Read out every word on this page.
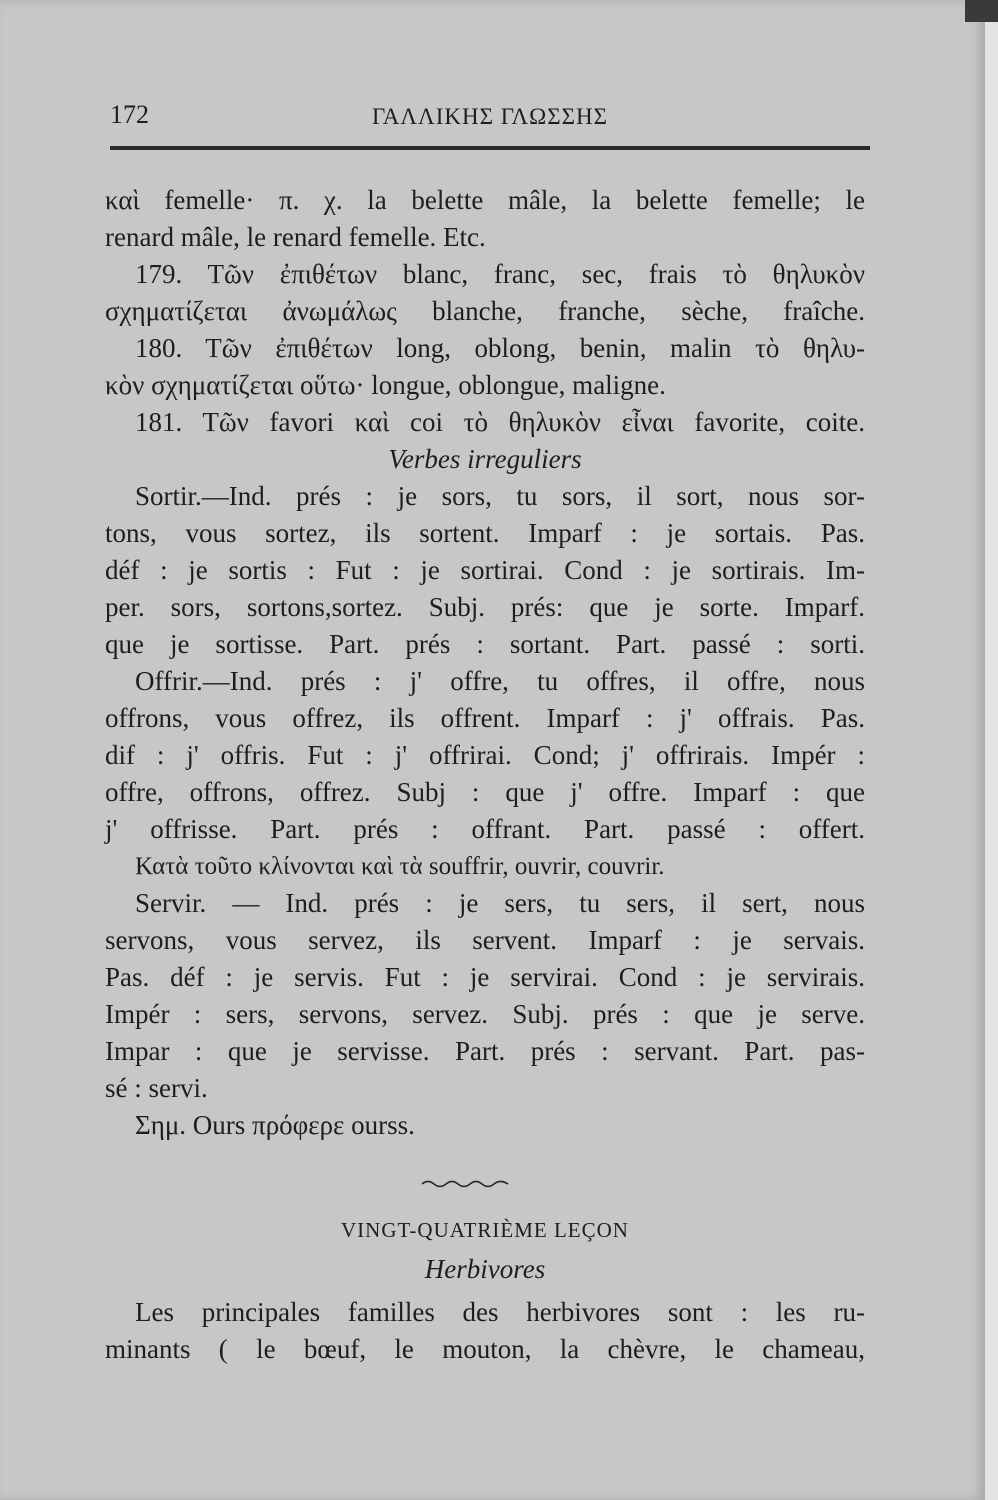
172	ΓΑΛΛΙΚΗΣ ΓΛΩΣΣΗΣ

καὶ femelle· π. χ. la belette mâle, la belette femelle; le

renard mâle, le renard femelle. Etc.

179. Τῶν ἐπιθέτων blanc, franc, sec, frais τὸ θηλυκὸν

σχηματίζεται ἀνωμάλως blanche, franche, sèche, fraîche.

180. Τῶν ἐπιθέτων long, oblong, benin, malin τὸ θηλυ-

κὸν σχηματίζεται οὕτω· longue, oblongue, maligne.

181. Τῶν favori καὶ coi τὸ θηλυκὸν εἶναι favorite, coite.

Verbes irreguliers

Sortir.—Ind. prés : je sors, tu sors, il sort, nous sor-

tons, vous sortez, ils sortent. Imparf : je sortais. Pas.

déf : je sortis : Fut : je sortirai. Cond : je sortirais. Im-

per. sors, sortons,sortez. Subj. prés: que je sorte. Imparf.

que je sortisse. Part. prés : sortant. Part. passé : sorti.

Offrir.—Ind. prés : j' offre, tu offres, il offre, nous

offrons, vous offrez, ils offrent. Imparf : j' offrais. Pas.

dif : j' offris. Fut : j' offrirai. Cond; j' offrirais. Impér :

offre, offrons, offrez. Subj : que j' offre. Imparf : que

j' offrisse. Part. prés : offrant. Part. passé : offert.

Κατὰ τοῦτο κλίνονται καὶ τὰ souffrir, ouvrir, couvrir.

Servir. — Ind. prés : je sers, tu sers, il sert, nous

servons, vous servez, ils servent. Imparf : je servais.

Pas. déf : je servis. Fut : je servirai. Cond : je servirais.

Impér : sers, servons, servez. Subj. prés : que je serve.

Impar : que je servisse. Part. prés : servant. Part. pas-

sé : servi.

Σημ. Ours πρόφερε ourss.

VINGT-QUATRIÈME LEÇON

Herbivores

Les principales familles des herbivores sont : les ru-

minants ( le bœuf, le mouton, la chèvre, le chameau,
